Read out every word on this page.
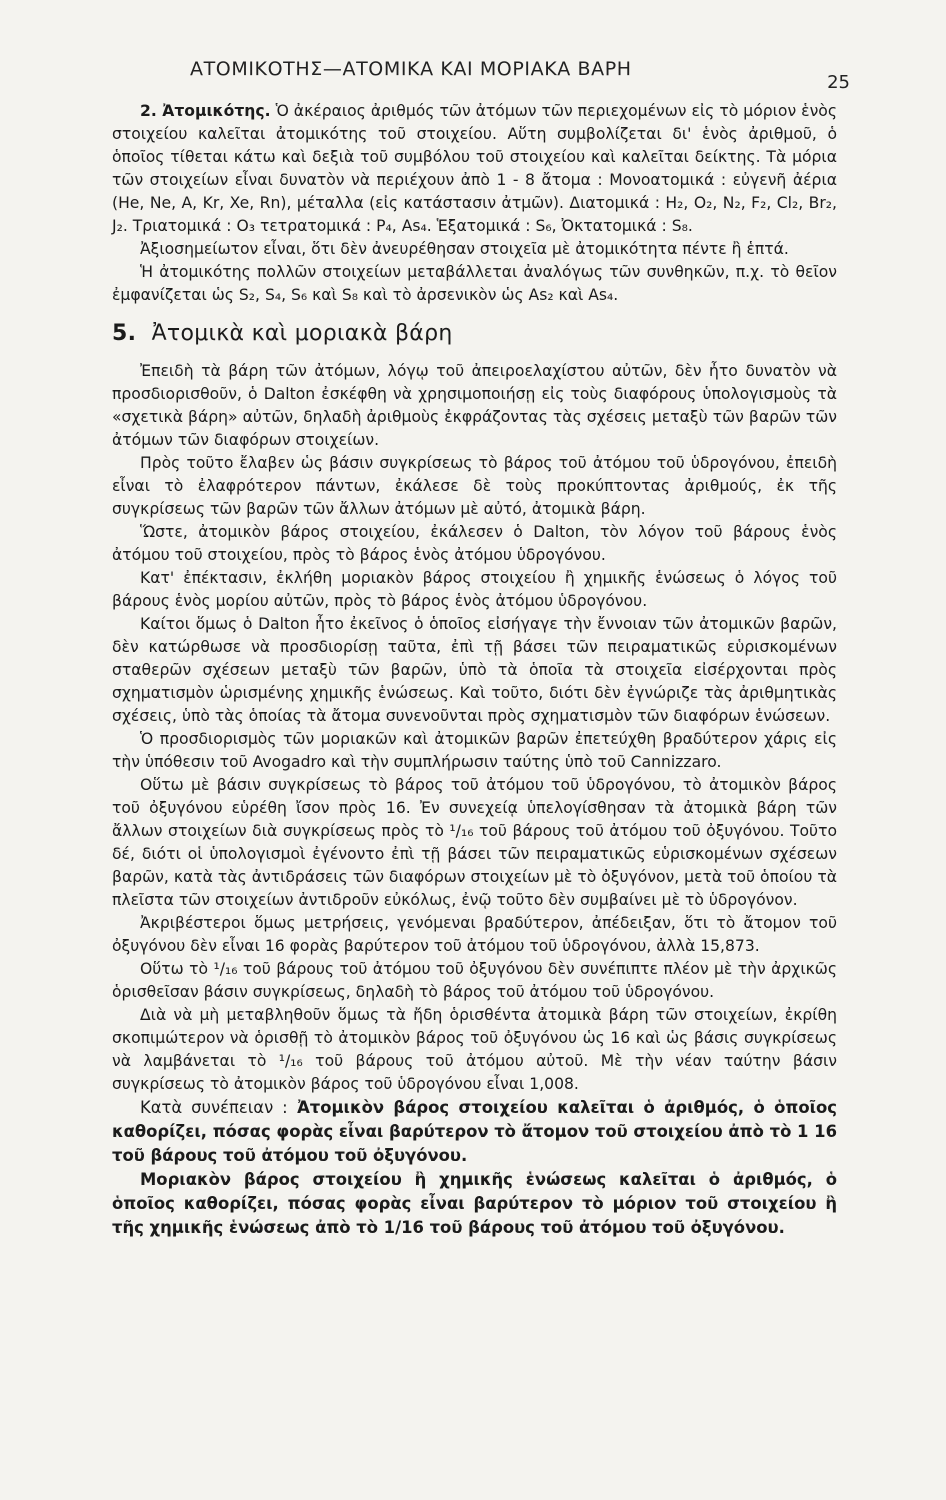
ΑΤΟΜΙΚΟΤΗΣ—ΑΤΟΜΙΚΑ ΚΑΙ ΜΟΡΙΑΚΑ ΒΑΡΗ
25

2. Ἀτομικότης. Ὁ ἀκέραιος ἀριθμός τῶν ἀτόμων τῶν περιεχομένων εἰς τὸ μόριον ἑνὸς στοιχείου καλεῖται ἀτομικότης τοῦ στοιχείου. Αὕτη συμβολίζεται δι' ἑνὸς ἀριθμοῦ, ὁ ὁποῖος τίθεται κάτω καὶ δεξιὰ τοῦ συμβόλου τοῦ στοιχείου καὶ καλεῖται δείκτης. Τὰ μόρια τῶν στοιχείων εἶναι δυνατὸν νὰ περιέχουν ἀπὸ 1 - 8 ἄτομα : Μονοατομικά : εὐγενῆ ἀέρια (He, Ne, A, Kr, Xe, Rn), μέταλλα (εἰς κατάστασιν ἀτμῶν). Διατομικά : H₂, O₂, N₂, F₂, Cl₂, Br₂, J₂. Τριατομικά : O₃ τετρατομικά : P₄, As₄. Ἑξατομικά : S₆, Ὀκτατομικά : S₈.

Ἀξιοσημείωτον εἶναι, ὅτι δὲν ἀνευρέθησαν στοιχεῖα μὲ ἀτομικότητα πέντε ἢ ἑπτά.

Ἡ ἀτομικότης πολλῶν στοιχείων μεταβάλλεται ἀναλόγως τῶν συνθηκῶν, π.χ. τὸ θεῖον ἐμφανίζεται ὡς S₂, S₄, S₆ καὶ S₈ καὶ τὸ ἀρσενικὸν ὡς As₂ καὶ As₄.

5. Ἀτομικὰ καὶ μοριακὰ βάρη

Ἐπειδὴ τὰ βάρη τῶν ἀτόμων, λόγῳ τοῦ ἀπειροελαχίστου αὐτῶν, δὲν ἦτο δυνατὸν νὰ προσδιορισθοῦν, ὁ Dalton ἐσκέφθη νὰ χρησιμοποιήσῃ εἰς τοὺς διαφόρους ὑπολογισμοὺς τὰ «σχετικὰ βάρη» αὐτῶν, δηλαδὴ ἀριθμοὺς ἐκφράζοντας τὰς σχέσεις μεταξὺ τῶν βαρῶν τῶν ἀτόμων τῶν διαφόρων στοιχείων.

Πρὸς τοῦτο ἔλαβεν ὡς βάσιν συγκρίσεως τὸ βάρος τοῦ ἀτόμου τοῦ ὑδρογόνου, ἐπειδὴ εἶναι τὸ ἐλαφρότερον πάντων, ἐκάλεσε δὲ τοὺς προκύπτοντας ἀριθμούς, ἐκ τῆς συγκρίσεως τῶν βαρῶν τῶν ἄλλων ἀτόμων μὲ αὐτό, ἀτομικὰ βάρη.

Ὥστε, ἀτομικὸν βάρος στοιχείου, ἐκάλεσεν ὁ Dalton, τὸν λόγον τοῦ βάρους ἑνὸς ἀτόμου τοῦ στοιχείου, πρὸς τὸ βάρος ἑνὸς ἀτόμου ὑδρογόνου.

Κατ' ἐπέκτασιν, ἐκλήθη μοριακὸν βάρος στοιχείου ἢ χημικῆς ἑνώσεως ὁ λόγος τοῦ βάρους ἑνὸς μορίου αὐτῶν, πρὸς τὸ βάρος ἑνὸς ἀτόμου ὑδρογόνου.

Καίτοι ὅμως ὁ Dalton ἦτο ἐκεῖνος ὁ ὁποῖος εἰσήγαγε τὴν ἔννοιαν τῶν ἀτομικῶν βαρῶν, δὲν κατώρθωσε νὰ προσδιορίσῃ ταῦτα, ἐπὶ τῇ βάσει τῶν πειραματικῶς εὑρισκομένων σταθερῶν σχέσεων μεταξὺ τῶν βαρῶν, ὑπὸ τὰ ὁποῖα τὰ στοιχεῖα εἰσέρχονται πρὸς σχηματισμὸν ὡρισμένης χημικῆς ἑνώσεως. Καὶ τοῦτο, διότι δὲν ἐγνώριζε τὰς ἀριθμητικὰς σχέσεις, ὑπὸ τὰς ὁποίας τὰ ἄτομα συνενοῦνται πρὸς σχηματισμὸν τῶν διαφόρων ἑνώσεων.

Ὁ προσδιορισμὸς τῶν μοριακῶν καὶ ἀτομικῶν βαρῶν ἐπετεύχθη βραδύτερον χάρις εἰς τὴν ὑπόθεσιν τοῦ Avogadro καὶ τὴν συμπλήρωσιν ταύτης ὑπὸ τοῦ Cannizzaro.

Οὕτω μὲ βάσιν συγκρίσεως τὸ βάρος τοῦ ἀτόμου τοῦ ὑδρογόνου, τὸ ἀτομικὸν βάρος τοῦ ὀξυγόνου εὑρέθη ἴσον πρὸς 16. Ἐν συνεχείᾳ ὑπελογίσθησαν τὰ ἀτομικὰ βάρη τῶν ἄλλων στοιχείων διὰ συγκρίσεως πρὸς τὸ ¹/₁₆ τοῦ βάρους τοῦ ἀτόμου τοῦ ὀξυγόνου. Τοῦτο δέ, διότι οἱ ὑπολογισμοὶ ἐγένοντο ἐπὶ τῇ βάσει τῶν πειραματικῶς εὑρισκομένων σχέσεων βαρῶν, κατὰ τὰς ἀντιδράσεις τῶν διαφόρων στοιχείων μὲ τὸ ὀξυγόνον, μετὰ τοῦ ὁποίου τὰ πλεῖστα τῶν στοιχείων ἀντιδροῦν εὐκόλως, ἐνῷ τοῦτο δὲν συμβαίνει μὲ τὸ ὑδρογόνον.

Ἀκριβέστεροι ὅμως μετρήσεις, γενόμεναι βραδύτερον, ἀπέδειξαν, ὅτι τὸ ἄτομον τοῦ ὀξυγόνου δὲν εἶναι 16 φορὰς βαρύτερον τοῦ ἀτόμου τοῦ ὑδρογόνου, ἀλλὰ 15,873.

Οὕτω τὸ ¹/₁₆ τοῦ βάρους τοῦ ἀτόμου τοῦ ὀξυγόνου δὲν συνέπιπτε πλέον μὲ τὴν ἀρχικῶς ὁρισθεῖσαν βάσιν συγκρίσεως, δηλαδὴ τὸ βάρος τοῦ ἀτόμου τοῦ ὑδρογόνου.

Διὰ νὰ μὴ μεταβληθοῦν ὅμως τὰ ἤδη ὁρισθέντα ἀτομικὰ βάρη τῶν στοιχείων, ἐκρίθη σκοπιμώτερον νὰ ὁρισθῇ τὸ ἀτομικὸν βάρος τοῦ ὀξυγόνου ὡς 16 καὶ ὡς βάσις συγκρίσεως νὰ λαμβάνεται τὸ ¹/₁₆ τοῦ βάρους τοῦ ἀτόμου αὐτοῦ. Μὲ τὴν νέαν ταύτην βάσιν συγκρίσεως τὸ ἀτομικὸν βάρος τοῦ ὑδρογόνου εἶναι 1,008.

Κατὰ συνέπειαν : Ἀτομικὸν βάρος στοιχείου καλεῖται ὁ ἀριθμός, ὁ ὁποῖος καθορίζει, πόσας φορὰς εἶναι βαρύτερον τὸ ἄτομον τοῦ στοιχείου ἀπὸ τὸ 1 16 τοῦ βάρους τοῦ ἀτόμου τοῦ ὀξυγόνου.

Μοριακὸν βάρος στοιχείου ἢ χημικῆς ἑνώσεως καλεῖται ὁ ἀριθμός, ὁ ὁποῖος καθορίζει, πόσας φορὰς εἶναι βαρύτερον τὸ μόριον τοῦ στοιχείου ἢ τῆς χημικῆς ἑνώσεως ἀπὸ τὸ 1/16 τοῦ βάρους τοῦ ἀτόμου τοῦ ὀξυγόνου.
